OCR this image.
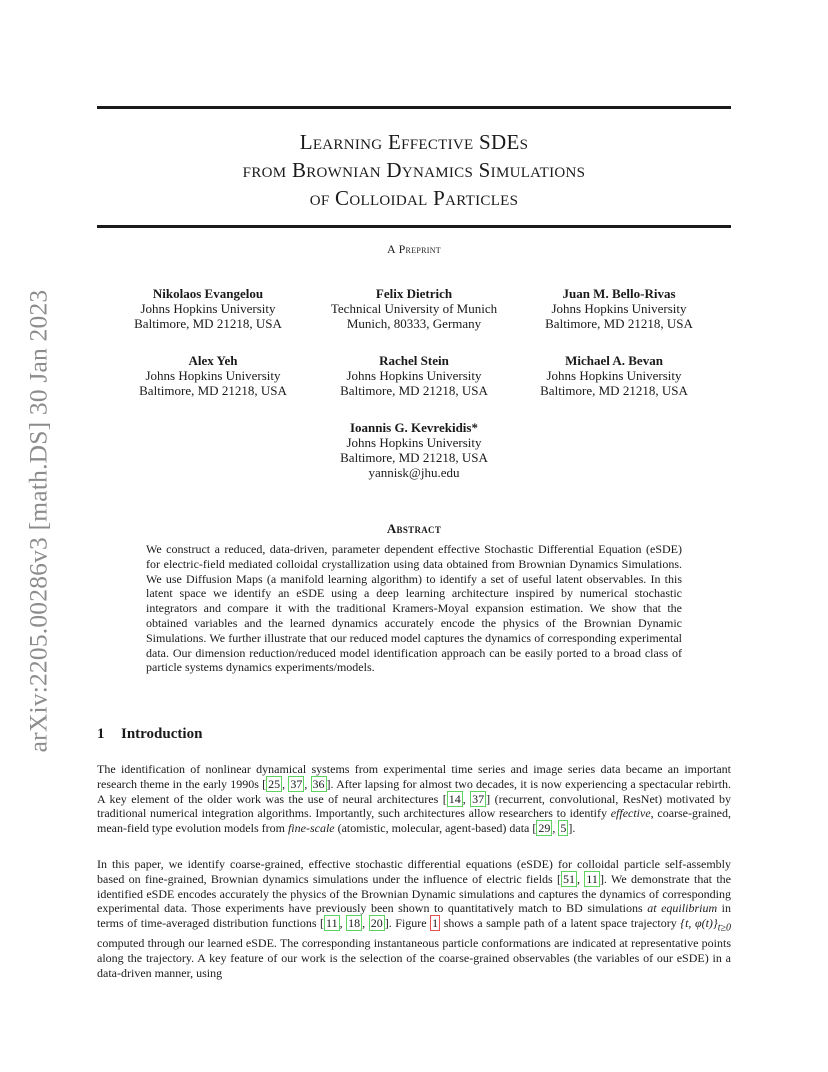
arXiv:2205.00286v3 [math.DS] 30 Jan 2023
Learning Effective SDEs
from Brownian Dynamics Simulations
of Colloidal Particles
A Preprint
Nikolaos Evangelou
Johns Hopkins University
Baltimore, MD 21218, USA
Felix Dietrich
Technical University of Munich
Munich, 80333, Germany
Juan M. Bello-Rivas
Johns Hopkins University
Baltimore, MD 21218, USA
Alex Yeh
Johns Hopkins University
Baltimore, MD 21218, USA
Rachel Stein
Johns Hopkins University
Baltimore, MD 21218, USA
Michael A. Bevan
Johns Hopkins University
Baltimore, MD 21218, USA
Ioannis G. Kevrekidis*
Johns Hopkins University
Baltimore, MD 21218, USA
yannisk@jhu.edu
Abstract

We construct a reduced, data-driven, parameter dependent effective Stochastic Differential Equation (eSDE) for electric-field mediated colloidal crystallization using data obtained from Brownian Dynamics Simulations. We use Diffusion Maps (a manifold learning algorithm) to identify a set of useful latent observables. In this latent space we identify an eSDE using a deep learning architecture inspired by numerical stochastic integrators and compare it with the traditional Kramers-Moyal expansion estimation. We show that the obtained variables and the learned dynamics accurately encode the physics of the Brownian Dynamic Simulations. We further illustrate that our reduced model captures the dynamics of corresponding experimental data. Our dimension reduction/reduced model identification approach can be easily ported to a broad class of particle systems dynamics experiments/models.

1 Introduction

The identification of nonlinear dynamical systems from experimental time series and image series data became an important research theme in the early 1990s [ 25 , 37 , 36 ]. After lapsing for almost two decades, it is now experiencing a spectacular rebirth. A key element of the older work was the use of neural architectures [ 14 , 37 ] (recurrent, convolutional, ResNet) motivated by traditional numerical integration algorithms. Importantly, such architectures allow researchers to identify effective, coarse-grained, mean-field type evolution models from fine-scale (atomistic, molecular, agent-based) data [ 29 , 5 ].

In this paper, we identify coarse-grained, effective stochastic differential equations (eSDE) for colloidal particle self-assembly based on fine-grained, Brownian dynamics simulations under the influence of electric fields [ 51 , 11 ]. We demonstrate that the identified eSDE encodes accurately the physics of the Brownian Dynamic simulations and captures the dynamics of corresponding experimental data. Those experiments have previously been shown to quantitatively match to BD simulations at equilibrium in terms of time-averaged distribution functions [ 11 , 18 , 20 ]. Figure 1 shows a sample path of a latent space trajectory {t, $\varphi(t)\}_{t\ge 0}$ computed through our learned eSDE. The corresponding instantaneous particle conformations are indicated at representative points along the trajectory. A key feature of our work is the selection of the coarse-grained observables (the variables of our eSDE) in a data-driven manner, using
